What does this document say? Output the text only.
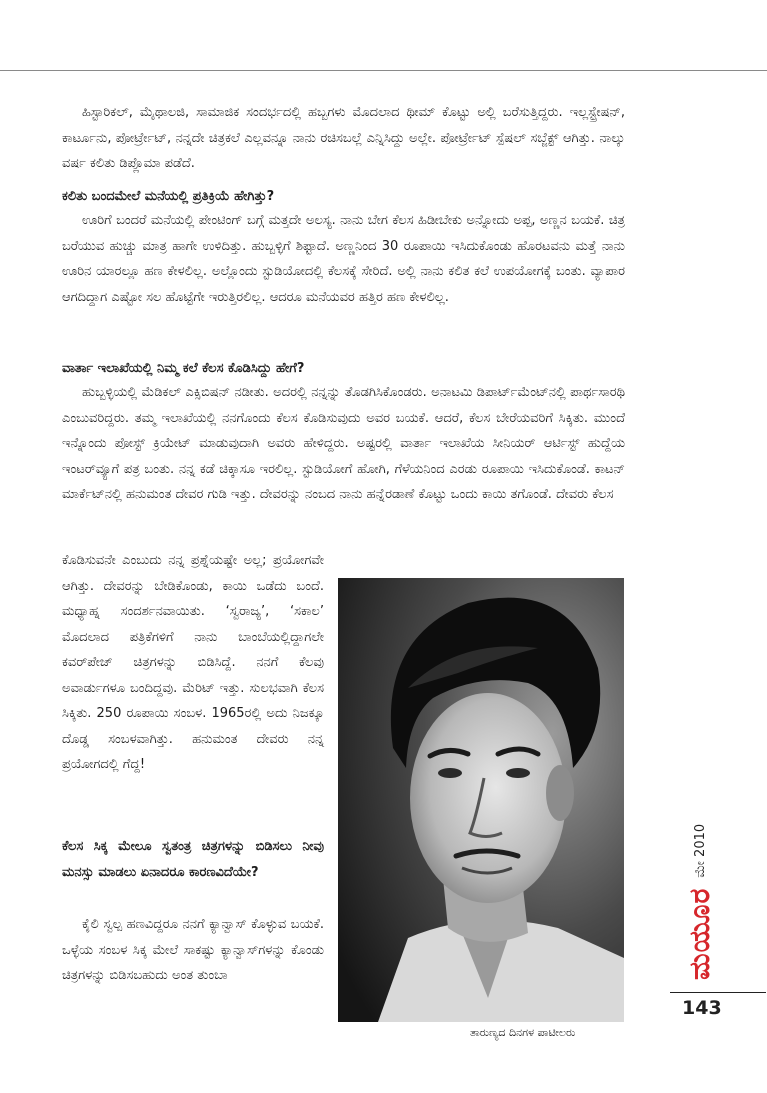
ಹಿಸ್ಟಾರಿಕಲ್, ಮೈಥಾಲಜಿ, ಸಾಮಾಜಿಕ ಸಂದರ್ಭದಲ್ಲಿ ಹಬ್ಬಗಳು ಮೊದಲಾದ ಥೀಮ್ ಕೊಟ್ಟು ಅಲ್ಲಿ ಬರೆಸುತ್ತಿದ್ದರು. ಇಲ್ಲಸ್ಟ್ರೇಷನ್, ಕಾರ್ಟೂನು, ಪೋರ್ಟ್ರೇಟ್, ನನ್ನದೇ ಚಿತ್ರಕಲೆ ಎಲ್ಲವನ್ನೂ ನಾನು ರಚಿಸಬಲ್ಲೆ ಎನ್ನಿಸಿದ್ದು ಅಲ್ಲೇ. ಪೋರ್ಟ್ರೇಟ್ ಸ್ಪೆಷಲ್ ಸಬ್ಜೆಕ್ಟ್ ಆಗಿತ್ತು. ನಾಲ್ಕು ವರ್ಷ ಕಲಿತು ಡಿಪ್ಲೊಮಾ ಪಡೆದೆ.

ಕಲಿತು ಬಂದಮೇಲೆ ಮನೆಯಲ್ಲಿ ಪ್ರತಿಕ್ರಿಯೆ ಹೇಗಿತ್ತು?

ಊರಿಗೆ ಬಂದರೆ ಮನೆಯಲ್ಲಿ ಪೇಂಟಿಂಗ್ ಬಗ್ಗೆ ಮತ್ತದೇ ಅಲಸ್ಯ. ನಾನು ಬೇಗ ಕೆಲಸ ಹಿಡೀಬೇಕು ಅನ್ನೋದು ಅಪ್ಪ, ಅಣ್ಣನ ಬಯಕೆ. ಚಿತ್ರ ಬರೆಯುವ ಹುಚ್ಚು ಮಾತ್ರ ಹಾಗೇ ಉಳಿದಿತ್ತು. ಹುಬ್ಬಳ್ಳಿಗೆ ಶಿಫ್ಟಾದೆ. ಅಣ್ಣನಿಂದ 30 ರೂಪಾಯಿ ಇಸಿದುಕೊಂಡು ಹೊರಟವನು ಮತ್ತೆ ನಾನು ಊರಿನ ಯಾರಲ್ಲೂ ಹಣ ಕೇಳಲಿಲ್ಲ. ಅಲ್ಲೊಂದು ಸ್ಟುಡಿಯೋದಲ್ಲಿ ಕೆಲಸಕ್ಕೆ ಸೇರಿದೆ. ಅಲ್ಲಿ ನಾನು ಕಲಿತ ಕಲೆ ಉಪಯೋಗಕ್ಕೆ ಬಂತು. ವ್ಯಾಪಾರ ಆಗದಿದ್ದಾಗ ಎಷ್ಟೋ ಸಲ ಹೊಟ್ಟೆಗೇ ಇರುತ್ತಿರಲಿಲ್ಲ. ಆದರೂ ಮನೆಯವರ ಹತ್ತಿರ ಹಣ ಕೇಳಲಿಲ್ಲ.

ವಾರ್ತಾ ಇಲಾಖೆಯಲ್ಲಿ ನಿಮ್ಮ ಕಲೆ ಕೆಲಸ ಕೊಡಿಸಿದ್ದು ಹೇಗೆ?

ಹುಬ್ಬಳ್ಳಿಯಲ್ಲಿ ಮೆಡಿಕಲ್ ಎಕ್ಸಿಬಿಷನ್ ನಡೀತು. ಅದರಲ್ಲಿ ನನ್ನನ್ನು ತೊಡಗಿಸಿಕೊಂಡರು. ಅನಾಟಮಿ ಡಿಪಾರ್ಟ್‌ಮೆಂಟ್‌ನಲ್ಲಿ ಪಾರ್ಥಸಾರಥಿ ಎಂಬುವರಿದ್ದರು. ತಮ್ಮ ಇಲಾಖೆಯಲ್ಲಿ ನನಗೊಂದು ಕೆಲಸ ಕೊಡಿಸುವುದು ಅವರ ಬಯಕೆ. ಆದರೆ, ಕೆಲಸ ಬೇರೆಯವರಿಗೆ ಸಿಕ್ಕಿತು. ಮುಂದೆ ಇನ್ನೊಂದು ಪೋಸ್ಟ್ ಕ್ರಿಯೇಟ್ ಮಾಡುವುದಾಗಿ ಅವರು ಹೇಳಿದ್ದರು. ಅಷ್ಟರಲ್ಲಿ ವಾರ್ತಾ ಇಲಾಖೆಯ ಸೀನಿಯರ್ ಆರ್ಟಿಸ್ಟ್ ಹುದ್ದೆಯ ಇಂಟರ್‌ವ್ಯೂಗೆ ಪತ್ರ ಬಂತು. ನನ್ನ ಕಡೆ ಚಿಕ್ಕಾಸೂ ಇರಲಿಲ್ಲ. ಸ್ಟುಡಿಯೋಗೆ ಹೋಗಿ, ಗೆಳೆಯನಿಂದ ಎರಡು ರೂಪಾಯಿ ಇಸಿದುಕೊಂಡೆ. ಕಾಟನ್ ಮಾರ್ಕೆಟ್‌ನಲ್ಲಿ ಹನುಮಂತ ದೇವರ ಗುಡಿ ಇತ್ತು. ದೇವರನ್ನು ನಂಬದ ನಾನು ಹನ್ನೆರಡಾಣೆ ಕೊಟ್ಟು ಒಂದು ಕಾಯಿ ತಗೊಂಡೆ. ದೇವರು ಕೆಲಸ

ಕೊಡಿಸುವನೇ ಎಂಬುದು ನನ್ನ ಪ್ರಶ್ನೆಯಷ್ಟೇ ಅಲ್ಲ; ಪ್ರಯೋಗವೇ ಆಗಿತ್ತು. ದೇವರನ್ನು ಬೇಡಿಕೊಂಡು, ಕಾಯಿ ಒಡೆದು ಬಂದೆ. ಮಧ್ಯಾಹ್ನ ಸಂದರ್ಶನವಾಯಿತು. ‘ಸ್ವರಾಜ್ಯ’, ‘ಸಕಾಲ’ ಮೊದಲಾದ ಪತ್ರಿಕೆಗಳಿಗೆ ನಾನು ಬಾಂಬೆಯಲ್ಲಿದ್ದಾಗಲೇ ಕವರ್‌ಪೇಜ್ ಚಿತ್ರಗಳನ್ನು ಬಿಡಿಸಿದ್ದೆ. ನನಗೆ ಕೆಲವು ಅವಾರ್ಡುಗಳೂ ಬಂದಿದ್ದವು. ಮೆರಿಟ್ ಇತ್ತು. ಸುಲಭವಾಗಿ ಕೆಲಸ ಸಿಕ್ಕಿತು. 250 ರೂಪಾಯಿ ಸಂಬಳ. 1965ರಲ್ಲಿ ಅದು ನಿಜಕ್ಕೂ ದೊಡ್ಡ ಸಂಬಳವಾಗಿತ್ತು. ಹನುಮಂತ ದೇವರು ನನ್ನ ಪ್ರಯೋಗದಲ್ಲಿ ಗೆದ್ದ!

ಕೆಲಸ ಸಿಕ್ಕ ಮೇಲೂ ಸ್ವತಂತ್ರ ಚಿತ್ರಗಳನ್ನು ಬಿಡಿಸಲು ನೀವು ಮನಸ್ಸು ಮಾಡಲು ಏನಾದರೂ ಕಾರಣವಿದೆಯೇ?

ಕೈಲಿ ಸ್ವಲ್ಪ ಹಣವಿದ್ದರೂ ನನಗೆ ಕ್ಯಾನ್ವಾಸ್ ಕೊಳ್ಳುವ ಬಯಕೆ. ಒಳ್ಳೆಯ ಸಂಬಳ ಸಿಕ್ಕ ಮೇಲೆ ಸಾಕಷ್ಟು ಕ್ಯಾನ್ವಾಸ್‌ಗಳನ್ನು ಕೊಂಡು ಚಿತ್ರಗಳನ್ನು ಬಿಡಿಸಬಹುದು ಅಂತ ತುಂಬಾ

ತಾರುಣ್ಯದ ದಿನಗಳ ಪಾಟೀಲರು
ಮಯೂರ
ಮೇ 2010
143
